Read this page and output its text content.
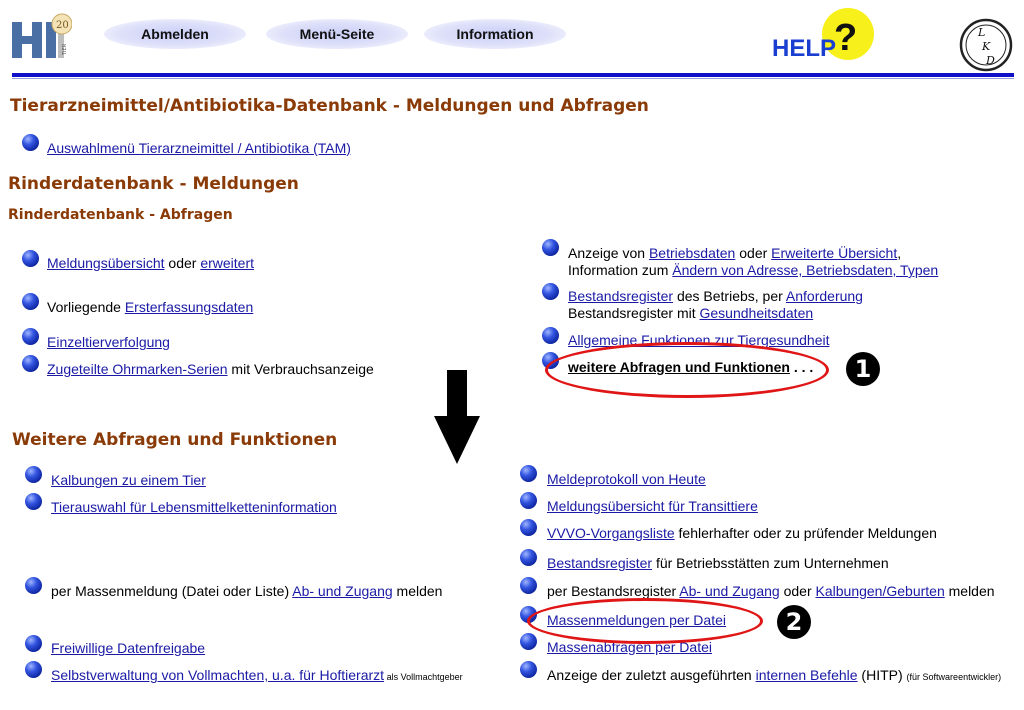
20
TIER
Abmelden	Menü-Seite	Information
HELP
?	L
K
D
Tierarzneimittel/Antibiotika-Datenbank - Meldungen und Abfragen
Auswahlmenü Tierarzneimittel / Antibiotika (TAM)
Rinderdatenbank - Meldungen
Rinderdatenbank - Abfragen
Meldungsübersicht oder erweitert
Vorliegende Ersterfassungsdaten
Einzeltierverfolgung
Zugeteilte Ohrmarken-Serien mit Verbrauchsanzeige
Anzeige von Betriebsdaten oder Erweiterte Übersicht,
Information zum Ändern von Adresse, Betriebsdaten, Typen
Bestandsregister des Betriebs, per Anforderung
Bestandsregister mit Gesundheitsdaten
Allgemeine Funktionen zur Tiergesundheit
weitere Abfragen und Funktionen . . .	1
Weitere Abfragen und Funktionen
Kalbungen zu einem Tier
Tierauswahl für Lebensmittelketteninformation
per Massenmeldung (Datei oder Liste) Ab- und Zugang melden
Freiwillige Datenfreigabe
Selbstverwaltung von Vollmachten, u.a. für Hoftierarzt als Vollmachtgeber
Meldeprotokoll von Heute
Meldungsübersicht für Transittiere
VVVO-Vorgangsliste fehlerhafter oder zu prüfender Meldungen
Bestandsregister für Betriebsstätten zum Unternehmen
per Bestandsregister Ab- und Zugang oder Kalbungen/Geburten melden
Massenmeldungen per Datei
Massenabfragen per Datei
Anzeige der zuletzt ausgeführten internen Befehle (HITP) (für Softwareentwickler)
2
